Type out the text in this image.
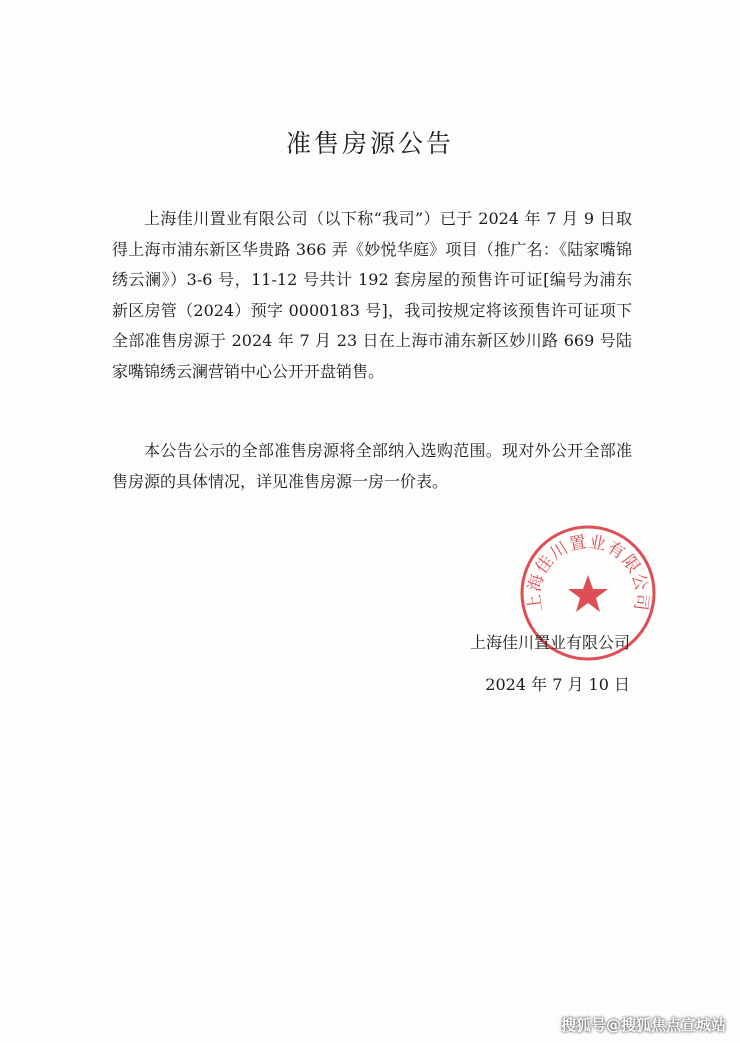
准售房源公告
上海佳川置业有限公司（以下称“我司”）已于 2024 年 7 月 9 日取得上海市浦东新区华贵路 366 弄《妙悦华庭》项目（推广名：《陆家嘴锦绣云澜》）3-6 号，11-12 号共计 192 套房屋的预售许可证[编号为浦东新区房管（2024）预字 0000183 号]，我司按规定将该预售许可证项下全部准售房源于 2024 年 7 月 23 日在上海市浦东新区妙川路 669 号陆家嘴锦绣云澜营销中心公开开盘销售。
本公告公示的全部准售房源将全部纳入选购范围。现对外公开全部准售房源的具体情况，详见准售房源一房一价表。
上海佳川置业有限公司
上海佳川置业有限公司
2024 年 7 月 10 日
搜狐号@搜狐焦点宣城站
